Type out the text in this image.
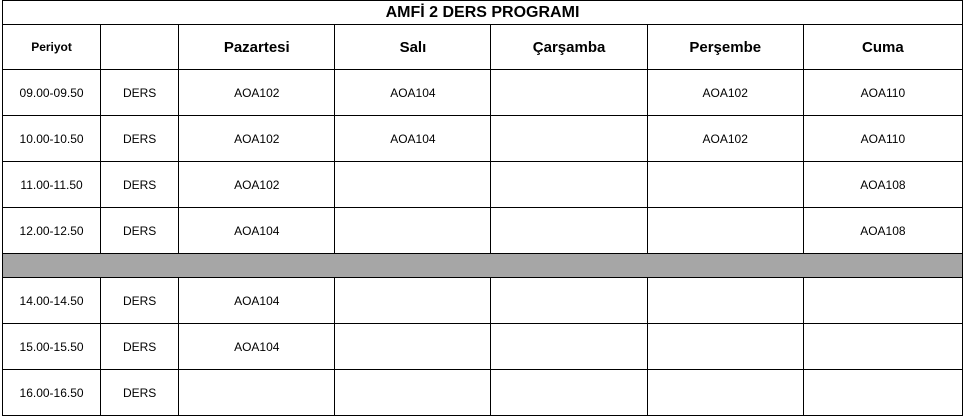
AMFİ 2 DERS PROGRAMI
Periyot		Pazartesi	Salı	Çarşamba	Perşembe	Cuma
09.00-09.50	DERS	AOA102	AOA104		AOA102	AOA110
10.00-10.50	DERS	AOA102	AOA104		AOA102	AOA110
11.00-11.50	DERS	AOA102				AOA108
12.00-12.50	DERS	AOA104				AOA108

14.00-14.50	DERS	AOA104				
15.00-15.50	DERS	AOA104				
16.00-16.50	DERS					
